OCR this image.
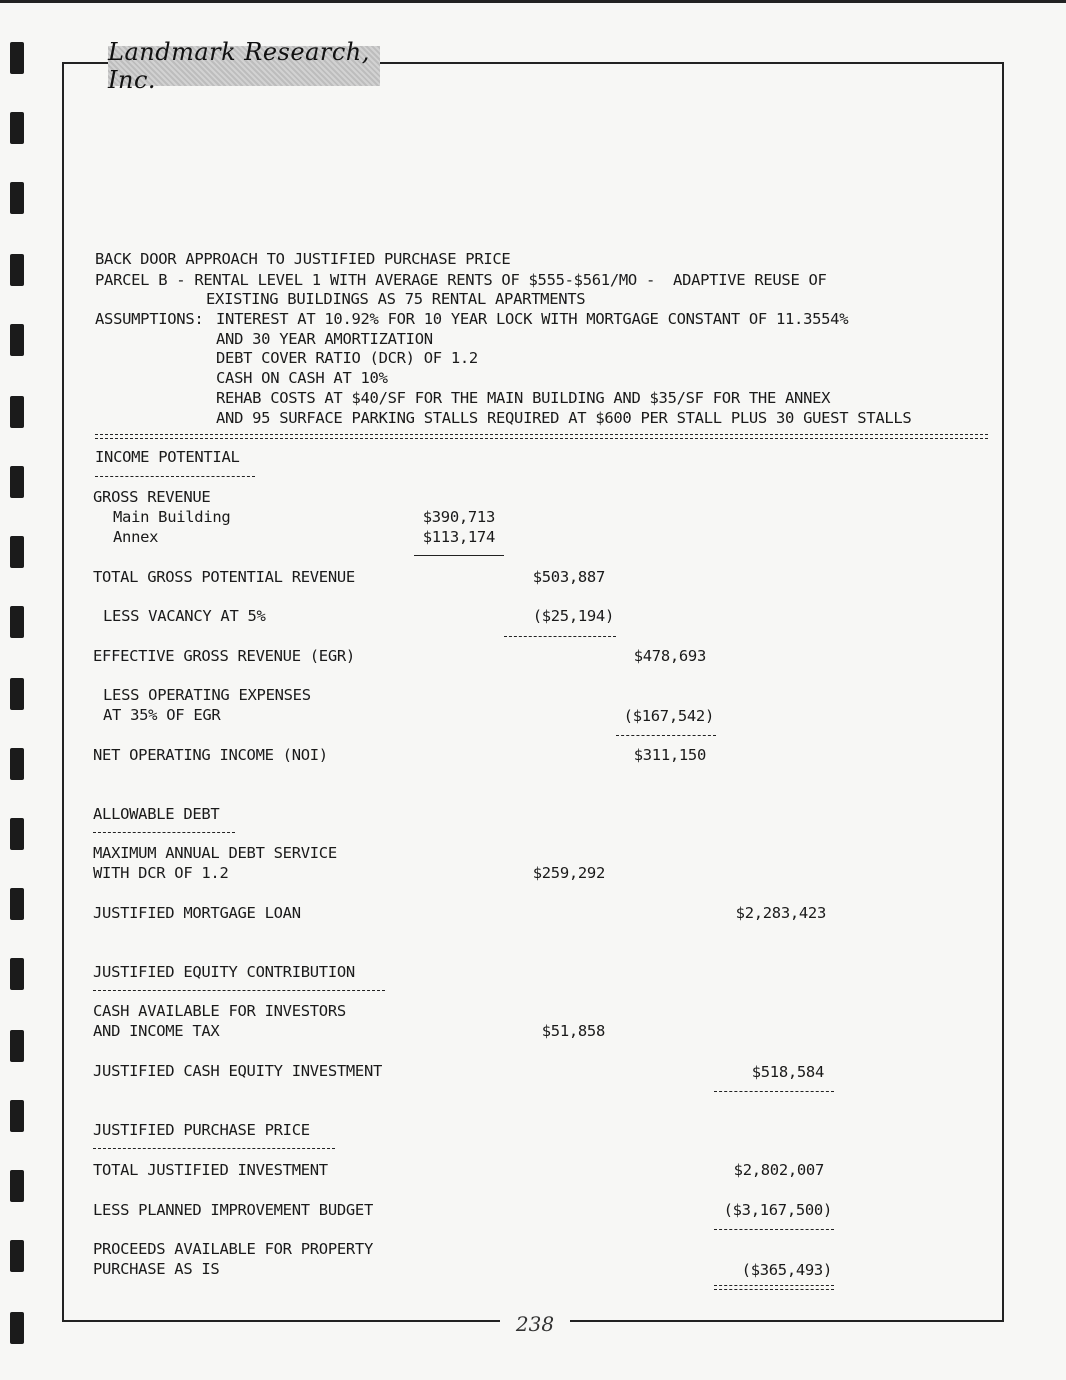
Landmark Research, Inc.
238
BACK DOOR APPROACH TO JUSTIFIED PURCHASE PRICE
PARCEL B - RENTAL LEVEL 1 WITH AVERAGE RENTS OF $555-$561/MO -  ADAPTIVE REUSE OF
EXISTING BUILDINGS AS 75 RENTAL APARTMENTS
ASSUMPTIONS: INTEREST AT 10.92% FOR 10 YEAR LOCK WITH MORTGAGE CONSTANT OF 11.3554%
AND 30 YEAR AMORTIZATION
DEBT COVER RATIO (DCR) OF 1.2
CASH ON CASH AT 10%
REHAB COSTS AT $40/SF FOR THE MAIN BUILDING AND $35/SF FOR THE ANNEX
AND 95 SURFACE PARKING STALLS REQUIRED AT $600 PER STALL PLUS 30 GUEST STALLS
INCOME POTENTIAL
GROSS REVENUE
Main Building	$390,713
Annex	$113,174
TOTAL GROSS POTENTIAL REVENUE	$503,887
LESS VACANCY AT 5%	($25,194)
EFFECTIVE GROSS REVENUE (EGR)	$478,693
LESS OPERATING EXPENSES
AT 35% OF EGR	($167,542)
NET OPERATING INCOME (NOI)	$311,150
ALLOWABLE DEBT
MAXIMUM ANNUAL DEBT SERVICE
WITH DCR OF 1.2	$259,292
JUSTIFIED MORTGAGE LOAN	$2,283,423
JUSTIFIED EQUITY CONTRIBUTION
CASH AVAILABLE FOR INVESTORS
AND INCOME TAX	$51,858
JUSTIFIED CASH EQUITY INVESTMENT	$518,584
JUSTIFIED PURCHASE PRICE
TOTAL JUSTIFIED INVESTMENT	$2,802,007
LESS PLANNED IMPROVEMENT BUDGET	($3,167,500)
PROCEEDS AVAILABLE FOR PROPERTY
PURCHASE AS IS	($365,493)
